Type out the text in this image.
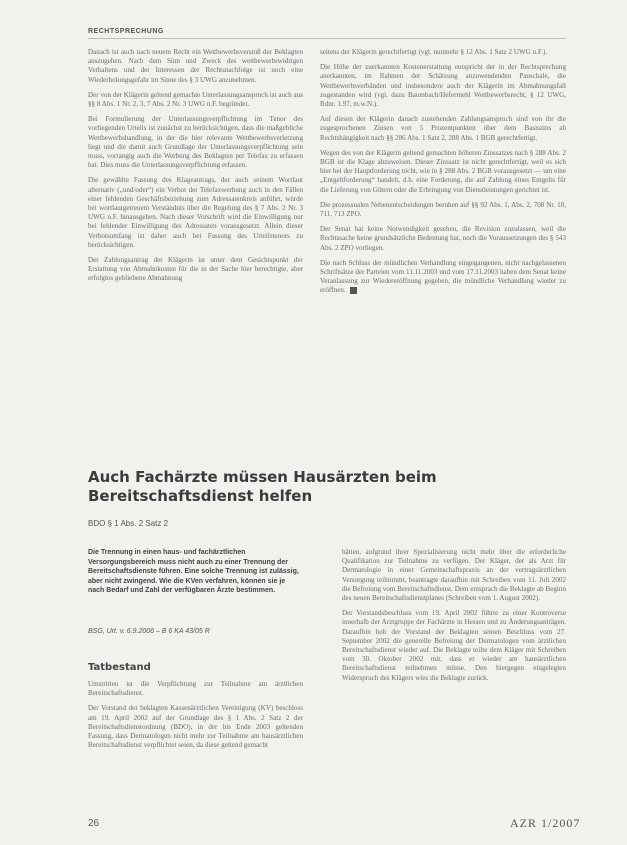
RECHTSPRECHUNG

Danach ist auch nach neuem Recht ein Wettbewerbsverstoß der Beklagten auszugehen. Nach dem Sinn und Zweck des wettbewerbswidrigen Verhaltens und der Interessen der Rechtsnachfolge ist noch eine Wiederholungsgefahr im Sinne des § 3 UWG anzunehmen.

Der von der Klägerin geltend gemachte Unterlassungsanspruch ist auch aus §§ 8 Abs. 1 Nr. 2, 3, 7 Abs. 2 Nr. 3 UWG n.F. begründet.

Bei Formulierung der Unterlassungsverpflichtung im Tenor des vorliegenden Urteils ist zunächst zu berücksichtigen, dass die maßgebliche Wettbewerbshandlung, in der die hier relevante Wettbewerbsverletzung liegt und die damit auch Grundlage der Unterlassungsverpflichtung sein muss, vorrangig auch die Werbung des Beklagten per Telefax zu erfassen hat. Dies muss die Unterlassungsverpflichtung erfassen.

Die gewählte Fassung des Klageantrags, der auch seinem Wortlaut alternativ („und/oder“) ein Verbot der Telefaxwerbung auch in den Fällen einer fehlenden Geschäftsbeziehung zum Adressatenkreis anführt, würde bei wortlautgetreuem Verständnis über die Regelung des § 7 Abs. 2 Nr. 3 UWG n.F. hinausgehen. Nach dieser Vorschrift wird die Einwilligung nur bei fehlender Einwilligung des Adressaten vorausgesetzt. Allein dieser Verbotsumfang ist daher auch bei Fassung des Urteilstenors zu berücksichtigen.

Der Zahlungsantrag der Klägerin ist unter dem Gesichtspunkt der Erstattung von Abmahnkosten für die in der Sache hier berechtigte, aber erfolglos gebliebene Abmahnung

seitens der Klägerin gerechtfertigt (vgl. nunmehr § 12 Abs. 1 Satz 2 UWG n.F.).

Die Höhe der zuerkannten Kostenerstattung entspricht der in der Rechtsprechung anerkannten, im Rahmen der Schätzung anzuwendenden Pauschale, die Wettbewerbsverbänden und insbesondere auch der Klägerin im Abmahnungsfall zugestanden wird (vgl. dazu Baumbach/Hefermehl Wettbewerbsrecht, § 12 UWG, Rdnr. 1.97, m.w.N.).

Auf diesen der Klägerin danach zustehenden Zahlungsanspruch sind von ihr die zugesprochenen Zinsen von 5 Prozentpunkten über dem Basiszins ab Rechtshängigkeit nach §§ 286 Abs. 1 Satz 2, 288 Abs. 1 BGB gerechtfertigt.

Wegen des von der Klägerin geltend gemachten höheren Zinssatzes nach § 288 Abs. 2 BGB ist die Klage abzuweisen. Dieser Zinssatz ist nicht gerechtfertigt, weil es sich hier bei der Hauptforderung nicht, wie in § 288 Abs. 2 BGB vorausgesetzt — um eine „Entgeltforderung“ handelt, d.h. eine Forderung, die auf Zahlung eines Entgelts für die Lieferung von Gütern oder die Erbringung von Dienstleistungen gerichtet ist.

Die prozessualen Nebenentscheidungen beruhen auf §§ 92 Abs. 1, Abs. 2, 708 Nr. 10, 711, 713 ZPO.

Der Senat hat keine Notwendigkeit gesehen, die Revision zuzulassen, weil die Rechtssache keine grundsätzliche Bedeutung hat, noch die Voraussetzungen des § 543 Abs. 2 ZPO vorliegen.

Die nach Schluss der mündlichen Verhandlung eingegangenen, nicht nachgelassenen Schriftsätze der Parteien vom 11.11.2003 und vom 17.11.2003 haben dem Senat keine Veranlassung zur Wiedereröffnung gegeben, die mündliche Verhandlung wieder zu eröffnen.

Auch Fachärzte müssen Hausärzten beim Bereitschaftsdienst helfen
BDO § 1 Abs. 2 Satz 2
Die Trennung in einen haus- und fachärztlichen Versorgungsbereich muss nicht auch zu einer Trennung der Bereitschaftsdienste führen. Eine solche Trennung ist zulässig, aber nicht zwingend. Wie die KVen verfahren, können sie je nach Bedarf und Zahl der verfügbaren Ärzte bestimmen.
BSG, Urt. v. 6.9.2006 – B 6 KA 43/05 R
Tatbestand

Umstritten ist die Verpflichtung zur Teilnahme am ärztlichen Bereitschaftsdienst.

Der Vorstand der beklagten Kassenärztlichen Vereinigung (KV) beschloss am 19. April 2002 auf der Grundlage des § 1 Abs. 2 Satz 2 der Bereitschaftsdienstordnung (BDO), in der bis Ende 2003 geltenden Fassung, dass Dermatologen nicht mehr zur Teilnahme am hausärztlichen Bereitschaftsdienst verpflichtet seien, da diese geltend gemacht

hätten, aufgrund ihrer Spezialisierung nicht mehr über die erforderliche Qualifikation zur Teilnahme zu verfügen. Der Kläger, der als Arzt für Dermatologie in einer Gemeinschaftspraxis an der vertragsärztlichen Versorgung teilnimmt, beantragte daraufhin mit Schreiben vom 11. Juli 2002 die Befreiung vom Bereitschaftsdienst. Dem entsprach die Beklagte ab Beginn des neuen Bereitschaftsdienstplanes (Schreiben vom 1. August 2002).

Der Vorstandsbeschluss vom 19. April 2002 führte zu einer Kontroverse innerhalb der Arztgruppe der Fachärzte in Hessen und zu Änderungsanträgen. Daraufhin hob der Vorstand der Beklagten seinen Beschluss vom 27. September 2002 die generelle Befreiung der Dermatologen vom ärztlichen Bereitschaftsdienst wieder auf. Die Beklagte teilte dem Kläger mit Schreiben vom 30. Oktober 2002 mit, dass er wieder am hausärztlichen Bereitschaftsdienst teilnehmen müsse. Den hiergegen eingelegten Widerspruch des Klägers wies die Beklagte zurück.

26	AZR 1/2007
